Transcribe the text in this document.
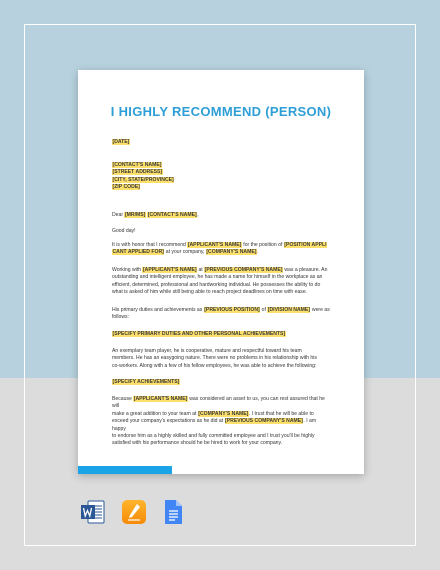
I HIGHLY RECOMMEND (PERSON)

[DATE]

[CONTACT'S NAME]

[STREET ADDRESS]

[CITY, STATE/PROVINCE]

[ZIP CODE]

Dear [MR/MS] [CONTACT'S NAME],

Good day!

It is with honor that I recommend [APPLICANT'S NAME] for the position of [POSITION APPLI

CANT APPLIED FOR] at your company, [COMPANY'S NAME].

Working with [APPLICANT'S NAME] at [PREVIOUS COMPANY'S NAME] was a pleasure. An

outstanding and intelligent employee, he has made a name for himself in the workplace as an

efficient, determined, professional and hardworking individual. He possesses the ability to do

what is asked of him while still being able to reach project deadlines on time with ease.

His primary duties and achievements as [PREVIOUS POSITION] of [DIVISION NAME] were as

follows:

[SPECIFY PRIMARY DUTIES AND OTHER PERSONAL ACHIEVEMENTS]

An exemplary team player, he is cooperative, mature and respectful toward his team

members. He has an easygoing nature. There were no problems in his relationship with his

co-workers. Along with a few of his fellow employees, he was able to achieve the following:

[SPECIFY ACHIEVEMENTS]

Because [APPLICANT'S NAME] was considered an asset to us, you can rest assured that he will

make a great addition to your team at [COMPANY'S NAME]. I trust that he will be able to

exceed your company's expectations as he did at [PREVIOUS COMPANY'S NAME]. I am happy

to endorse him as a highly skilled and fully committed employee and I trust you'll be highly

satisfied with his performance should he be hired to work for your company.
